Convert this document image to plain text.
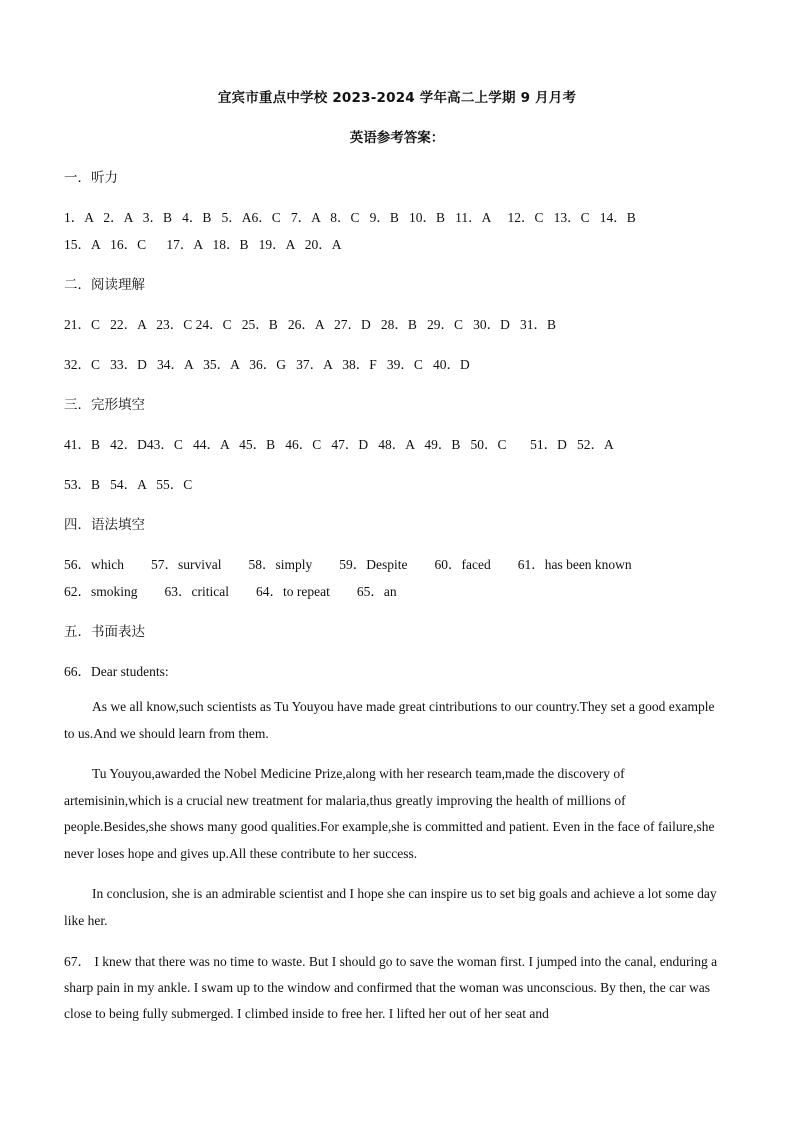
宜宾市重点中学校 2023-2024 学年高二上学期 9 月月考
英语参考答案：
一．听力
1．A   2．A   3．B   4．B   5．A6．C   7．A   8．C   9．B   10．B   11．A     12．C   13．C   14．B
15．A   16．C      17．A   18．B   19．A   20．A
二．阅读理解
21．C   22．A   23．C 24．C   25．B   26．A   27．D   28．B   29．C   30．D   31．B
32．C   33．D   34．A   35．A   36．G   37．A   38．F   39．C   40．D
三．完形填空
41．B   42．D43．C   44．A   45．B   46．C   47．D   48．A   49．B   50．C       51．D   52．A
53．B   54．A   55．C
四．语法填空
56．which        57．survival        58．simply        59．Despite        60．faced        61．has been known
62．smoking        63．critical        64．to repeat        65．an
五．书面表达
66．Dear students:

As we all know,such scientists as Tu Youyou have made great cintributions to our country.They set a good example to us.And we should learn from them.

Tu Youyou,awarded the Nobel Medicine Prize,along with her research team,made the discovery of artemisinin,which is a crucial new treatment for malaria,thus greatly improving the health of millions of people.Besides,she shows many good qualities.For example,she is committed and patient. Even in the face of failure,she never loses hope and gives up.All these contribute to her success.

In conclusion, she is an admirable scientist and I hope she can inspire us to set big goals and achieve a lot some day like her.

67． I knew that there was no time to waste. But I should go to save the woman first. I jumped into the canal, enduring a sharp pain in my ankle. I swam up to the window and confirmed that the woman was unconscious. By then, the car was close to being fully submerged. I climbed inside to free her. I lifted her out of her seat and
